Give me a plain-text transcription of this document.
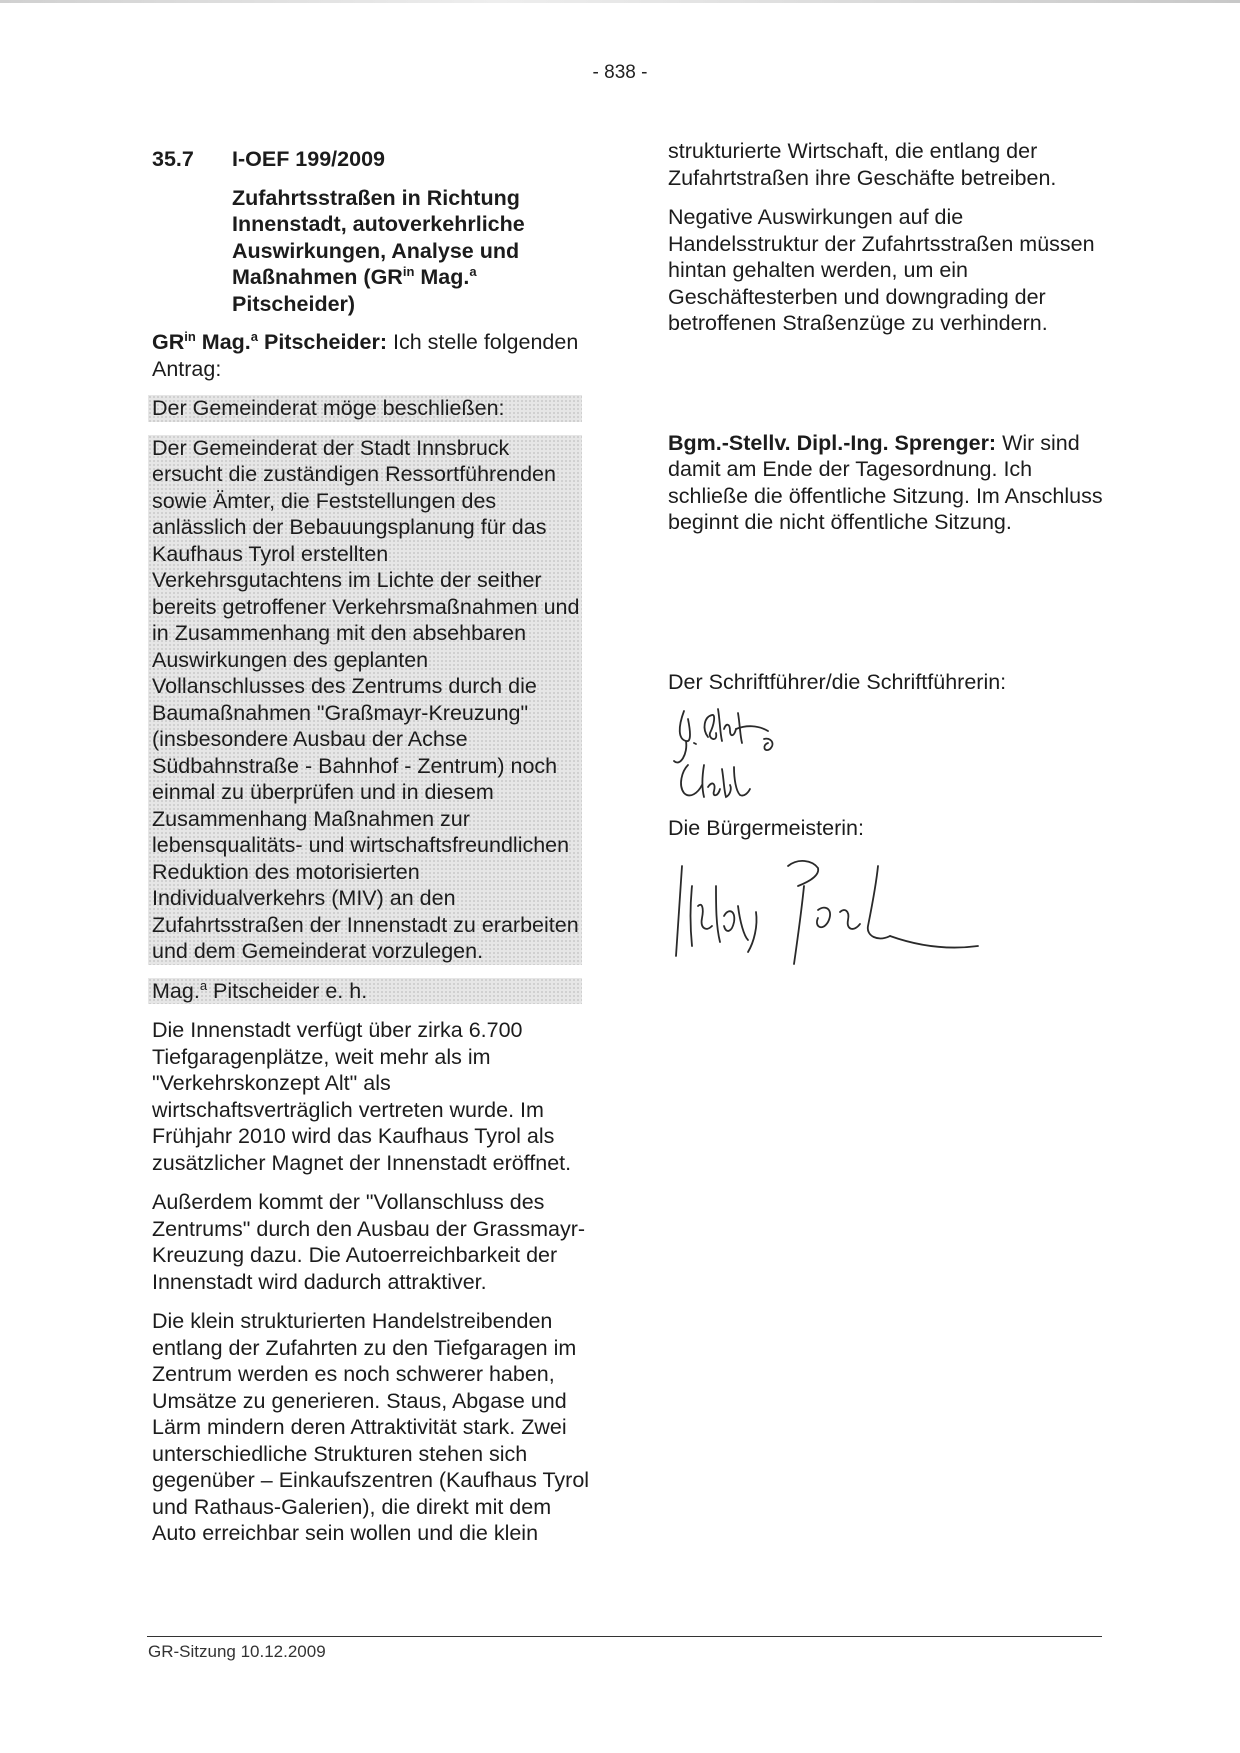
- 838 -
35.7	I-OEF 199/2009
Zufahrtsstraßen in Richtung Innenstadt, autoverkehrliche Auswirkungen, Analyse und Maßnahmen ($GR^{in}$ Mag.$^a$ Pitscheider)

$GR^{in}$ Mag.$^a$ Pitscheider: Ich stelle folgenden Antrag:

Der Gemeinderat möge beschließen:

Der Gemeinderat der Stadt Innsbruck ersucht die zuständigen Ressortführenden sowie Ämter, die Feststellungen des anlässlich der Bebauungsplanung für das Kaufhaus Tyrol erstellten Verkehrsgutachtens im Lichte der seither bereits getroffener Verkehrsmaßnahmen und in Zusammenhang mit den absehbaren Auswirkungen des geplanten Vollanschlusses des Zentrums durch die Baumaßnahmen "Graßmayr-Kreuzung" (insbesondere Ausbau der Achse Südbahnstraße - Bahnhof - Zentrum) noch einmal zu überprüfen und in diesem Zusammenhang Maßnahmen zur lebensqualitäts- und wirtschaftsfreundlichen Reduktion des motorisierten Individualverkehrs (MIV) an den Zufahrtsstraßen der Innenstadt zu erarbeiten und dem Gemeinderat vorzulegen.

Mag.$^a$ Pitscheider e. h.

Die Innenstadt verfügt über zirka 6.700 Tiefgaragenplätze, weit mehr als im "Verkehrskonzept Alt" als wirtschaftsverträglich vertreten wurde. Im Frühjahr 2010 wird das Kaufhaus Tyrol als zusätzlicher Magnet der Innenstadt eröffnet.

Außerdem kommt der "Vollanschluss des Zentrums" durch den Ausbau der Grassmayr-Kreuzung dazu. Die Autoerreichbarkeit der Innenstadt wird dadurch attraktiver.

Die klein strukturierten Handelstreibenden entlang der Zufahrten zu den Tiefgaragen im Zentrum werden es noch schwerer haben, Umsätze zu generieren. Staus, Abgase und Lärm mindern deren Attraktivität stark. Zwei unterschiedliche Strukturen stehen sich gegenüber – Einkaufszentren (Kaufhaus Tyrol und Rathaus-Galerien), die direkt mit dem Auto erreichbar sein wollen und die klein

strukturierte Wirtschaft, die entlang der Zufahrtstraßen ihre Geschäfte betreiben.

Negative Auswirkungen auf die Handelsstruktur der Zufahrtsstraßen müssen hintan gehalten werden, um ein Geschäftesterben und downgrading der betroffenen Straßenzüge zu verhindern.

Bgm.-Stellv. Dipl.-Ing. Sprenger: Wir sind damit am Ende der Tagesordnung. Ich schließe die öffentliche Sitzung. Im Anschluss beginnt die nicht öffentliche Sitzung.

Der Schriftführer/die Schriftführerin:

Die Bürgermeisterin:

GR-Sitzung 10.12.2009
